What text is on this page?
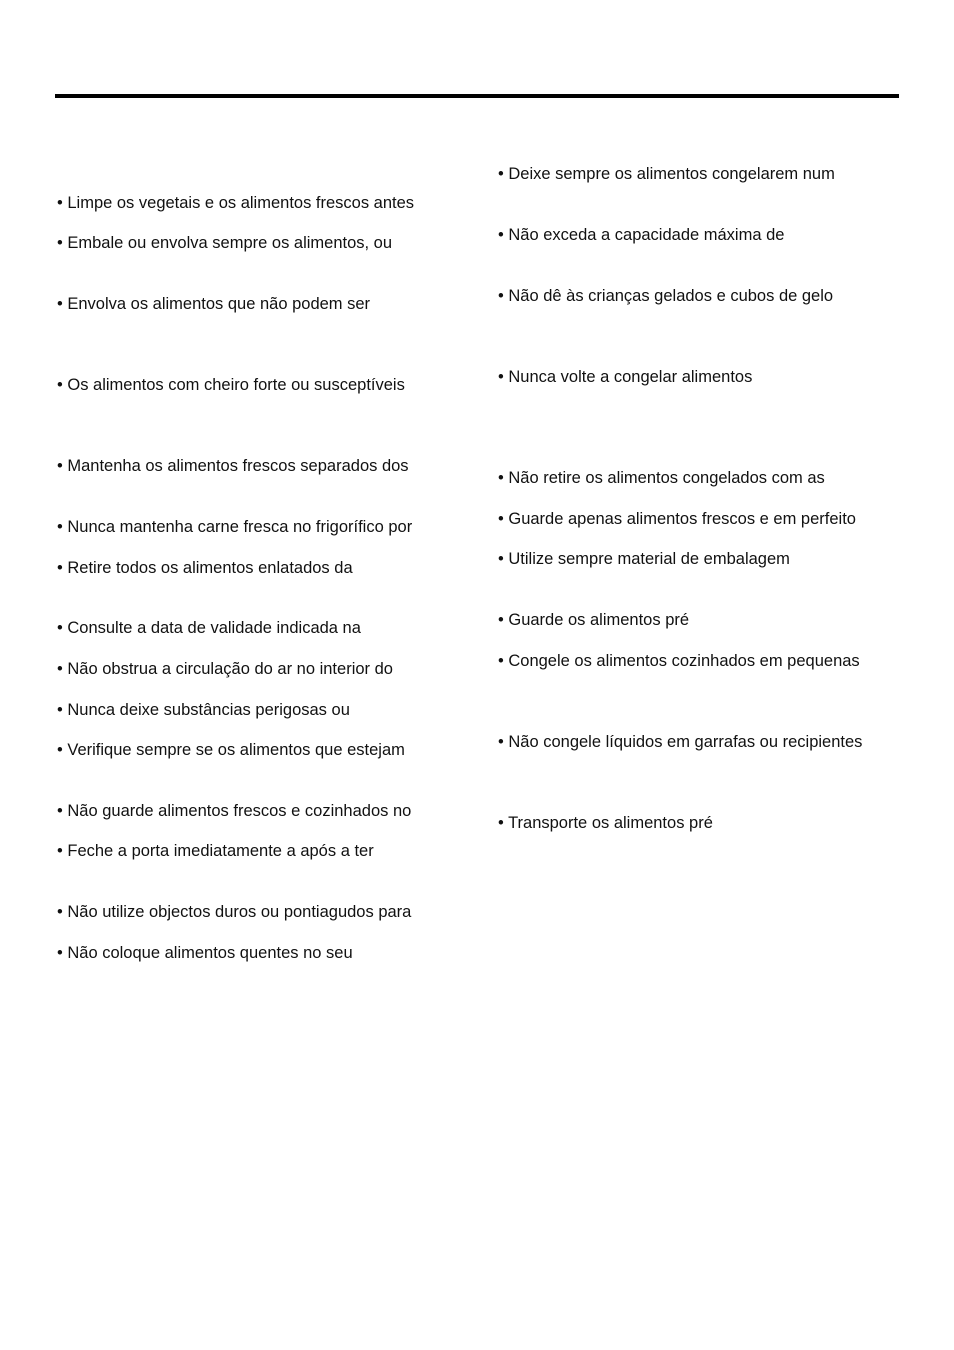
• Limpe os vegetais e os alimentos frescos antes
• Embale ou envolva sempre os alimentos, ou
• Envolva os alimentos que não podem ser
• Os alimentos com cheiro forte ou susceptíveis
• Mantenha os alimentos frescos separados dos
• Nunca mantenha carne fresca no frigorífico por
• Retire todos os alimentos enlatados da
• Consulte a data de validade indicada na
• Não obstrua a circulação do ar no interior do
• Nunca deixe substâncias perigosas ou
• Verifique sempre se os alimentos que estejam
• Não guarde alimentos frescos e cozinhados no
• Feche a porta imediatamente a após a ter
• Não utilize objectos duros ou pontiagudos para
• Não coloque alimentos quentes no seu
• Deixe sempre os alimentos congelarem num
• Não exceda a capacidade máxima de
• Não dê às crianças gelados e cubos de gelo
• Nunca volte a congelar alimentos
• Não retire os alimentos congelados com as
• Guarde apenas alimentos frescos e em perfeito
• Utilize sempre material de embalagem
• Guarde os alimentos pré
• Congele os alimentos cozinhados em pequenas
• Não congele líquidos em garrafas ou recipientes
• Transporte os alimentos pré
